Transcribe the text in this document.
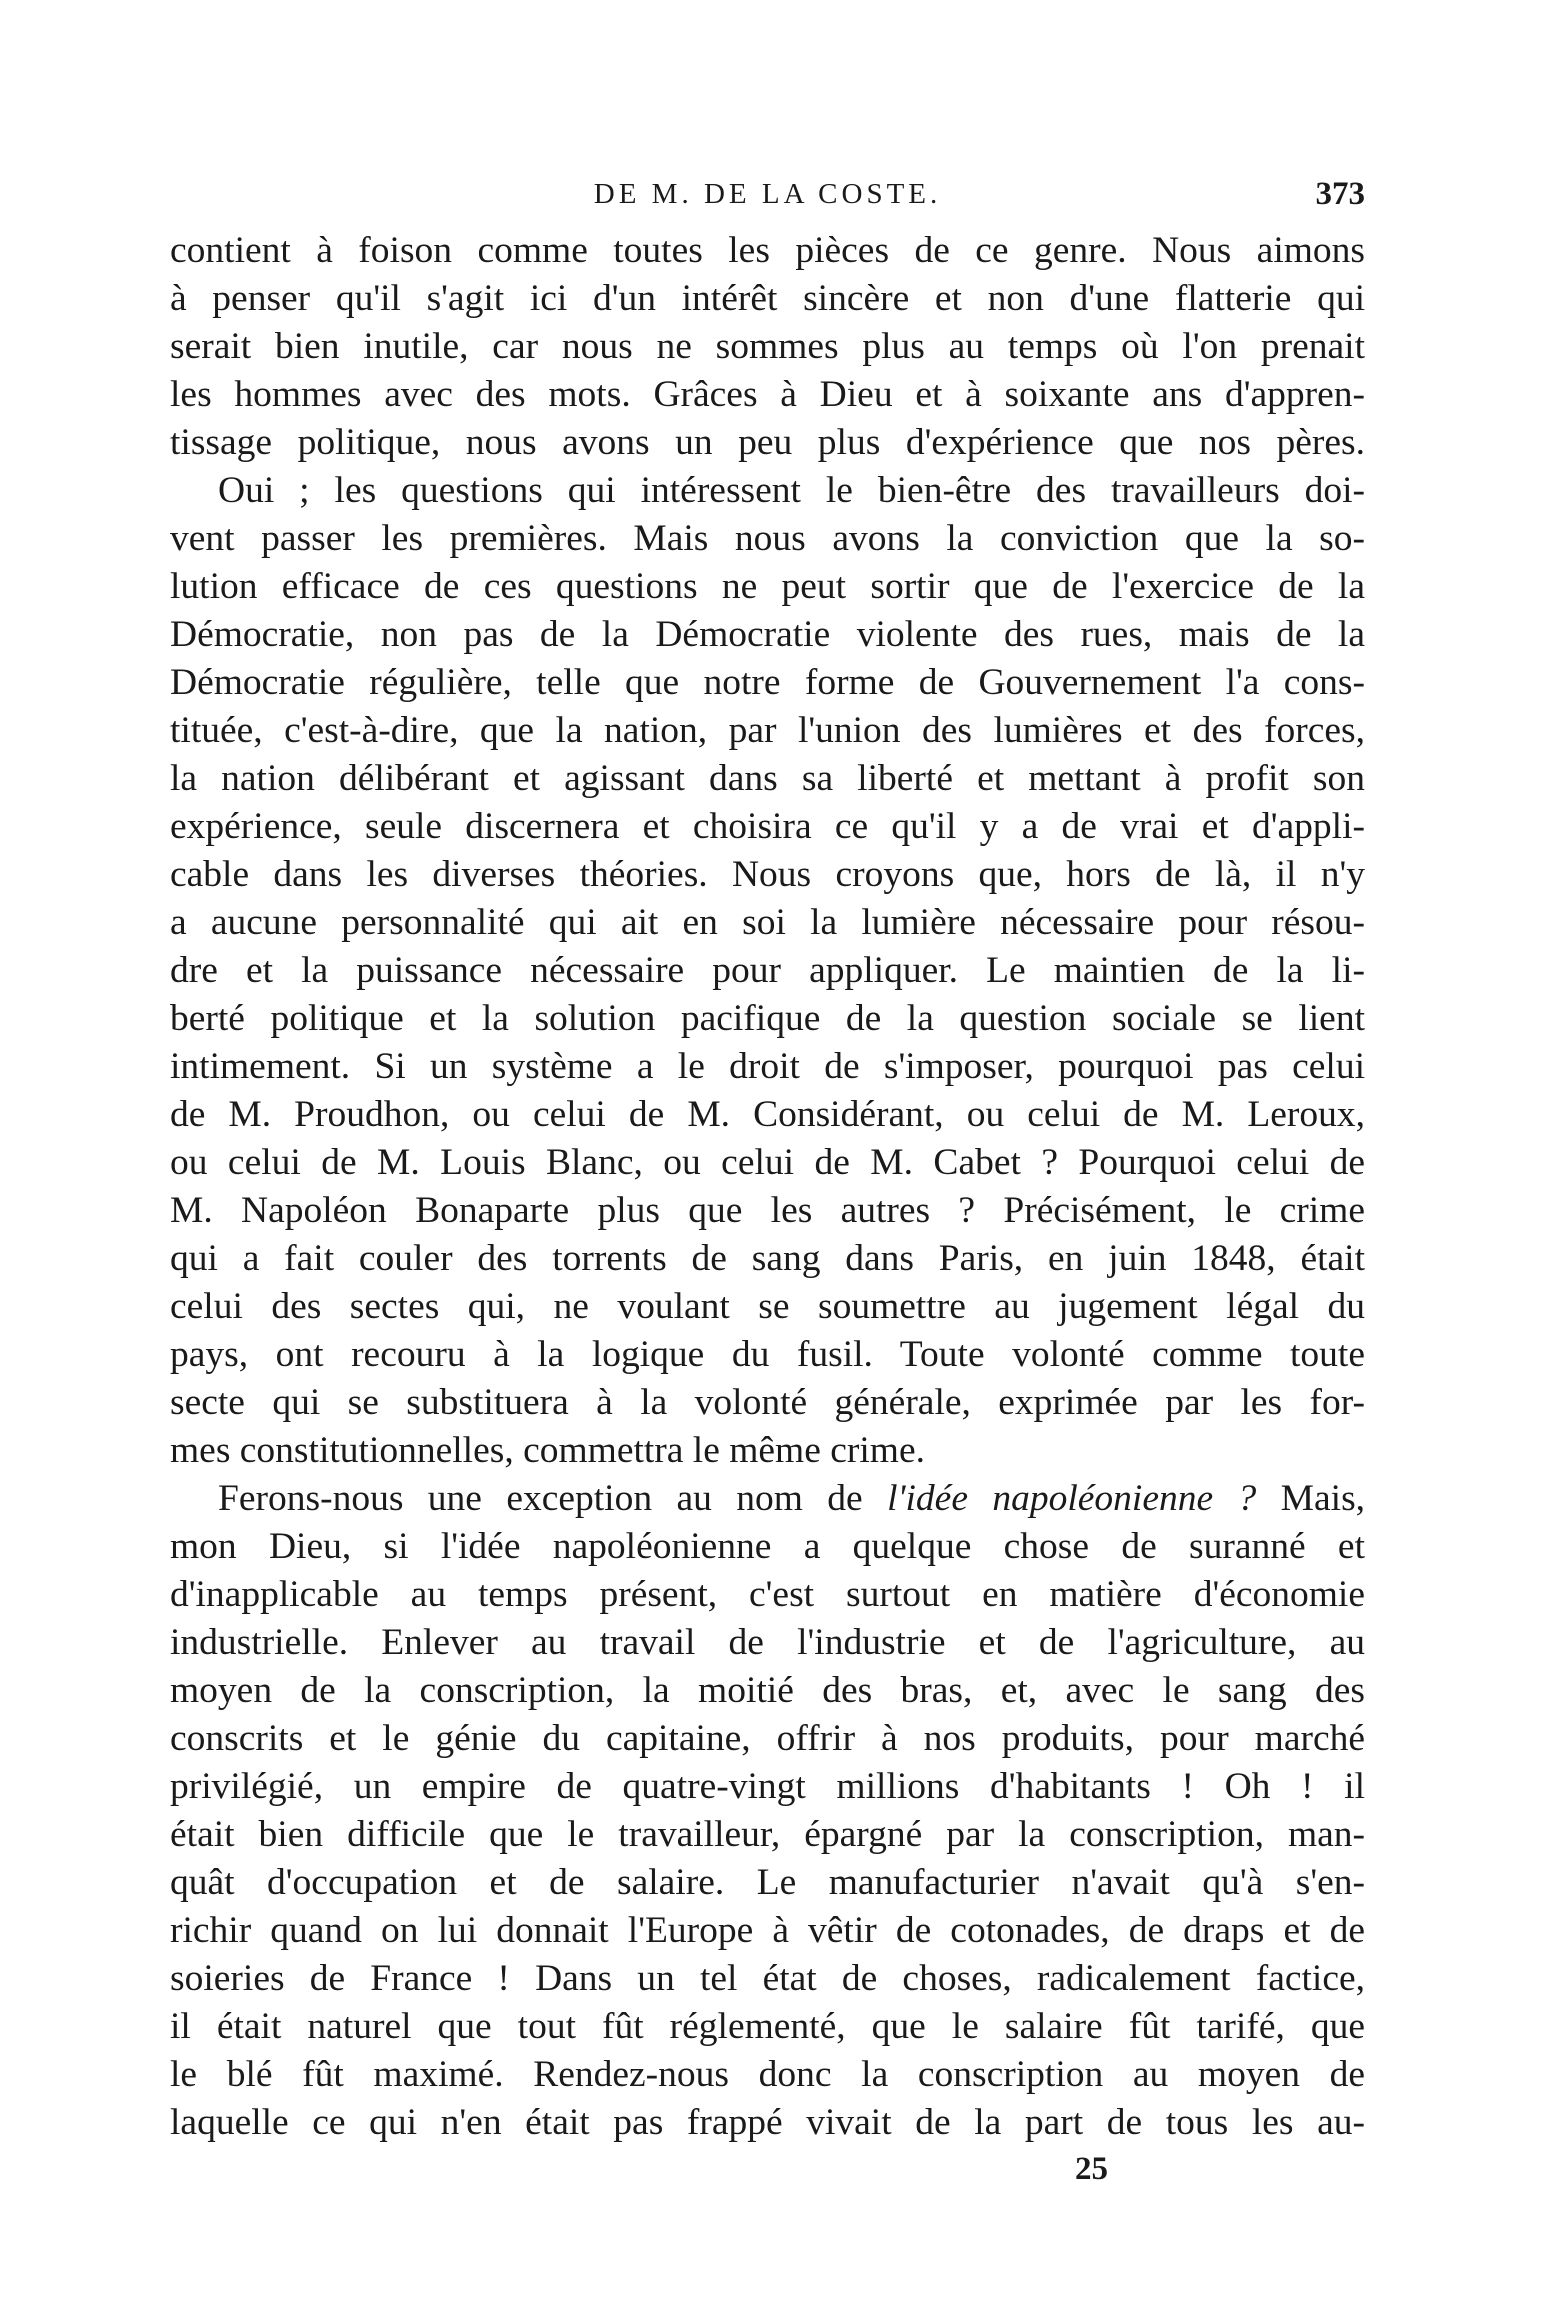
DE M. DE LA COSTE.	373
contient à foison comme toutes les pièces de ce genre. Nous aimons
à penser qu'il s'agit ici d'un intérêt sincère et non d'une flatterie qui
serait bien inutile, car nous ne sommes plus au temps où l'on prenait
les hommes avec des mots. Grâces à Dieu et à soixante ans d'appren-
tissage politique, nous avons un peu plus d'expérience que nos pères.
Oui ; les questions qui intéressent le bien-être des travailleurs doi-
vent passer les premières. Mais nous avons la conviction que la so-
lution efficace de ces questions ne peut sortir que de l'exercice de la
Démocratie, non pas de la Démocratie violente des rues, mais de la
Démocratie régulière, telle que notre forme de Gouvernement l'a cons-
tituée, c'est-à-dire, que la nation, par l'union des lumières et des forces,
la nation délibérant et agissant dans sa liberté et mettant à profit son
expérience, seule discernera et choisira ce qu'il y a de vrai et d'appli-
cable dans les diverses théories. Nous croyons que, hors de là, il n'y
a aucune personnalité qui ait en soi la lumière nécessaire pour résou-
dre et la puissance nécessaire pour appliquer. Le maintien de la li-
berté politique et la solution pacifique de la question sociale se lient
intimement. Si un système a le droit de s'imposer, pourquoi pas celui
de M. Proudhon, ou celui de M. Considérant, ou celui de M. Leroux,
ou celui de M. Louis Blanc, ou celui de M. Cabet ? Pourquoi celui de
M. Napoléon Bonaparte plus que les autres ? Précisément, le crime
qui a fait couler des torrents de sang dans Paris, en juin 1848, était
celui des sectes qui, ne voulant se soumettre au jugement légal du
pays, ont recouru à la logique du fusil. Toute volonté comme toute
secte qui se substituera à la volonté générale, exprimée par les for-
mes constitutionnelles, commettra le même crime.
Ferons-nous une exception au nom de l'idée napoléonienne ? Mais,
mon Dieu, si l'idée napoléonienne a quelque chose de suranné et
d'inapplicable au temps présent, c'est surtout en matière d'économie
industrielle. Enlever au travail de l'industrie et de l'agriculture, au
moyen de la conscription, la moitié des bras, et, avec le sang des
conscrits et le génie du capitaine, offrir à nos produits, pour marché
privilégié, un empire de quatre-vingt millions d'habitants ! Oh ! il
était bien difficile que le travailleur, épargné par la conscription, man-
quât d'occupation et de salaire. Le manufacturier n'avait qu'à s'en-
richir quand on lui donnait l'Europe à vêtir de cotonades, de draps et de
soieries de France ! Dans un tel état de choses, radicalement factice,
il était naturel que tout fût réglementé, que le salaire fût tarifé, que
le blé fût maximé. Rendez-nous donc la conscription au moyen de
laquelle ce qui n'en était pas frappé vivait de la part de tous les au-
25
